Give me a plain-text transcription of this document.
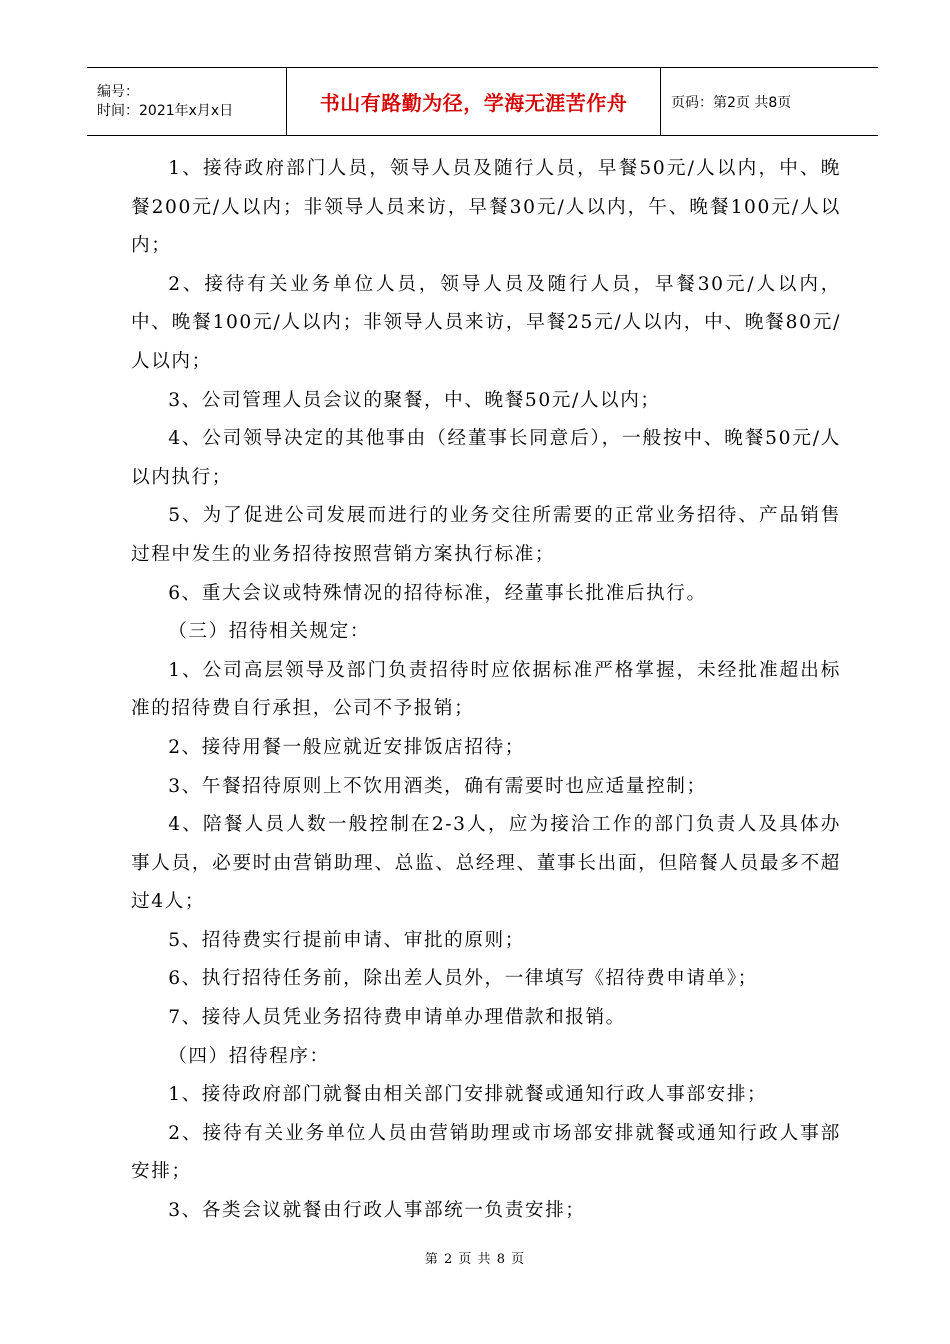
编号：
时间：2021年x月x日	书山有路勤为径，学海无涯苦作舟	页码：第2页 共8页

1、接待政府部门人员，领导人员及随行人员，早餐50元/人以内，中、晚餐200元/人以内；非领导人员来访，早餐30元/人以内，午、晚餐100元/人以内；

2、接待有关业务单位人员，领导人员及随行人员，早餐30元/人以内，中、晚餐100元/人以内；非领导人员来访，早餐25元/人以内，中、晚餐80元/人以内；

3、公司管理人员会议的聚餐，中、晚餐50元/人以内；

4、公司领导决定的其他事由（经董事长同意后），一般按中、晚餐50元/人以内执行；

5、为了促进公司发展而进行的业务交往所需要的正常业务招待、产品销售过程中发生的业务招待按照营销方案执行标准；

6、重大会议或特殊情况的招待标准，经董事长批准后执行。

（三）招待相关规定：

1、公司高层领导及部门负责招待时应依据标准严格掌握，未经批准超出标准的招待费自行承担，公司不予报销；

2、接待用餐一般应就近安排饭店招待；

3、午餐招待原则上不饮用酒类，确有需要时也应适量控制；

4、陪餐人员人数一般控制在2-3人，应为接洽工作的部门负责人及具体办事人员，必要时由营销助理、总监、总经理、董事长出面，但陪餐人员最多不超过4人；

5、招待费实行提前申请、审批的原则；

6、执行招待任务前，除出差人员外，一律填写《招待费申请单》；

7、接待人员凭业务招待费申请单办理借款和报销。

（四）招待程序：

1、接待政府部门就餐由相关部门安排就餐或通知行政人事部安排；

2、接待有关业务单位人员由营销助理或市场部安排就餐或通知行政人事部安排；

3、各类会议就餐由行政人事部统一负责安排；

第 2 页 共 8 页
